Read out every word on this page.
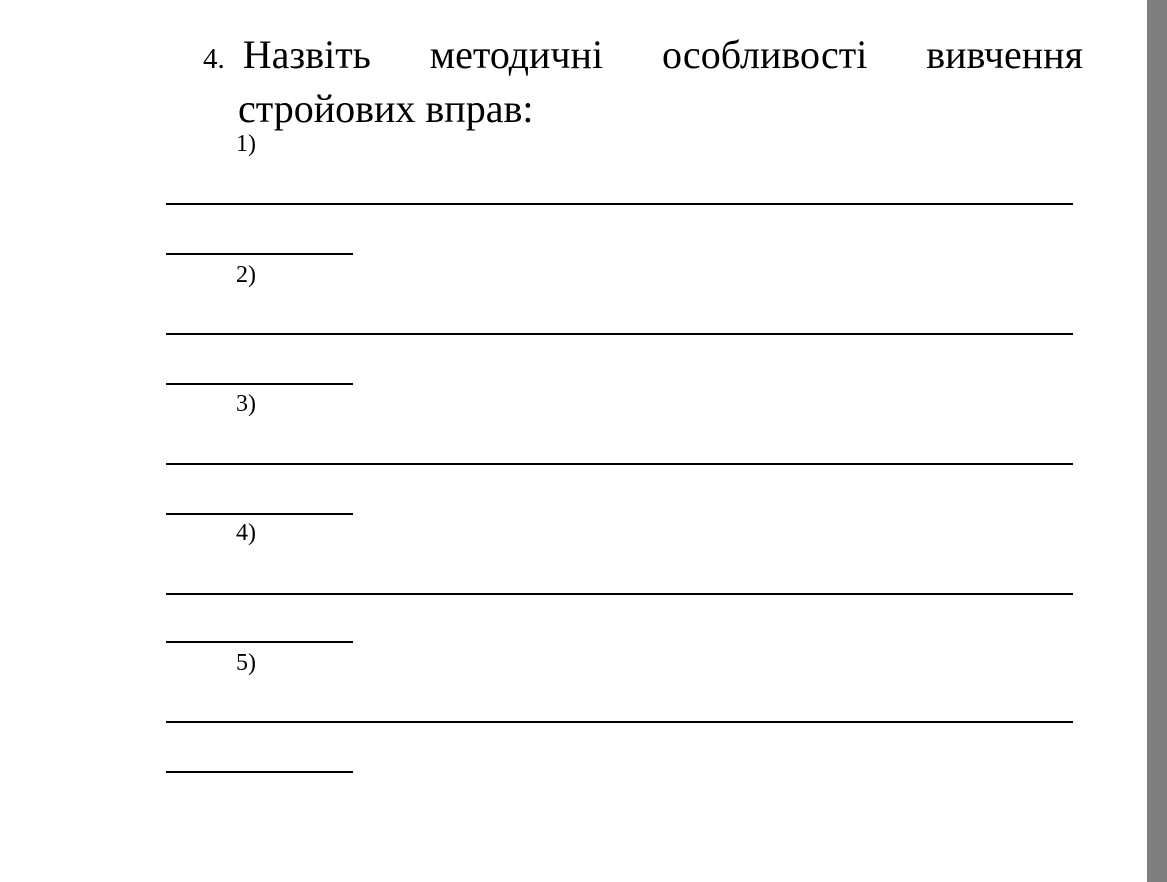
4. Назвіть методичні особливості вивчення
стройових вправ:
1)
2)
3)
4)
5)
